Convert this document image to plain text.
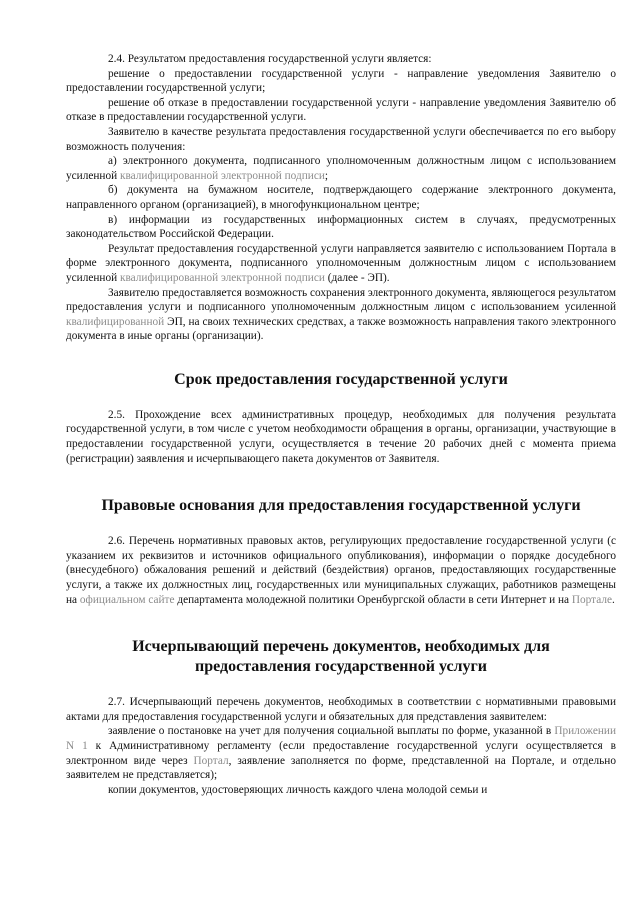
2.4. Результатом предоставления государственной услуги является:

решение о предоставлении государственной услуги - направление уведомления Заявителю о предоставлении государственной услуги;

решение об отказе в предоставлении государственной услуги - направление уведомления Заявителю об отказе в предоставлении государственной услуги.

Заявителю в качестве результата предоставления государственной услуги обеспечивается по его выбору возможность получения:

а) электронного документа, подписанного уполномоченным должностным лицом с использованием усиленной квалифицированной электронной подписи;

б) документа на бумажном носителе, подтверждающего содержание электронного документа, направленного органом (организацией), в многофункциональном центре;

в) информации из государственных информационных систем в случаях, предусмотренных законодательством Российской Федерации.

Результат предоставления государственной услуги направляется заявителю с использованием Портала в форме электронного документа, подписанного уполномоченным должностным лицом с использованием усиленной квалифицированной электронной подписи (далее - ЭП).

Заявителю предоставляется возможность сохранения электронного документа, являющегося результатом предоставления услуги и подписанного уполномоченным должностным лицом с использованием усиленной квалифицированной ЭП, на своих технических средствах, а также возможность направления такого электронного документа в иные органы (организации).

Срок предоставления государственной услуги

2.5. Прохождение всех административных процедур, необходимых для получения результата государственной услуги, в том числе с учетом необходимости обращения в органы, организации, участвующие в предоставлении государственной услуги, осуществляется в течение 20 рабочих дней с момента приема (регистрации) заявления и исчерпывающего пакета документов от Заявителя.

Правовые основания для предоставления государственной услуги

2.6. Перечень нормативных правовых актов, регулирующих предоставление государственной услуги (с указанием их реквизитов и источников официального опубликования), информации о порядке досудебного (внесудебного) обжалования решений и действий (бездействия) органов, предоставляющих государственные услуги, а также их должностных лиц, государственных или муниципальных служащих, работников размещены на официальном сайте департамента молодежной политики Оренбургской области в сети Интернет и на Портале.

Исчерпывающий перечень документов, необходимых для
предоставления государственной услуги

2.7. Исчерпывающий перечень документов, необходимых в соответствии с нормативными правовыми актами для предоставления государственной услуги и обязательных для представления заявителем:

заявление о постановке на учет для получения социальной выплаты по форме, указанной в Приложении N 1 к Административному регламенту (если предоставление государственной услуги осуществляется в электронном виде через Портал, заявление заполняется по форме, представленной на Портале, и отдельно заявителем не представляется);

копии документов, удостоверяющих личность каждого члена молодой семьи и
